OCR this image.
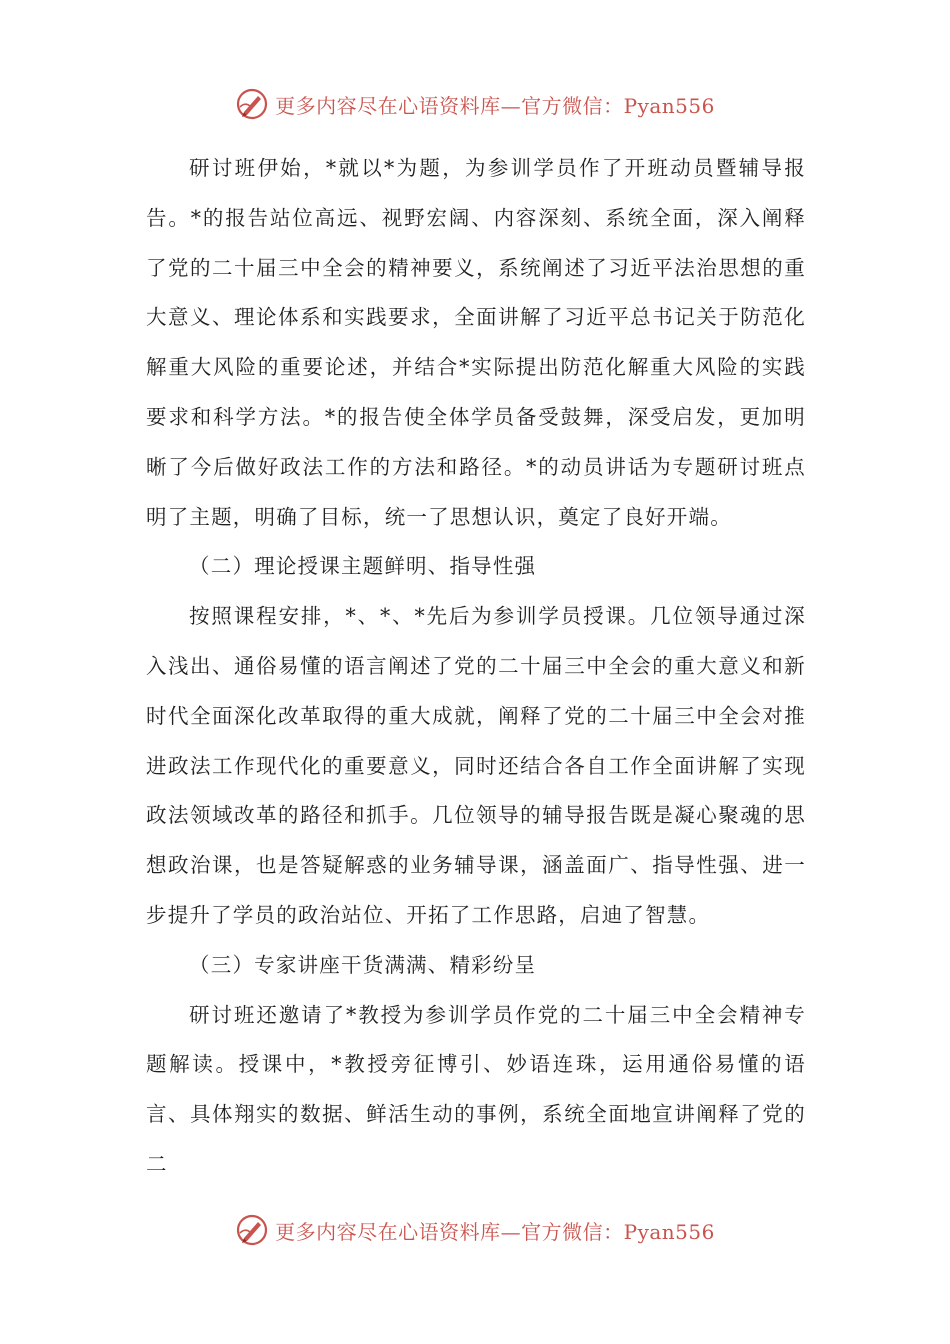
更多内容尽在心语资料库—官方微信：Pyan556

研讨班伊始，*就以*为题，为参训学员作了开班动员暨辅导报告。*的报告站位高远、视野宏阔、内容深刻、系统全面，深入阐释了党的二十届三中全会的精神要义，系统阐述了习近平法治思想的重大意义、理论体系和实践要求，全面讲解了习近平总书记关于防范化解重大风险的重要论述，并结合*实际提出防范化解重大风险的实践要求和科学方法。*的报告使全体学员备受鼓舞，深受启发，更加明晰了今后做好政法工作的方法和路径。*的动员讲话为专题研讨班点明了主题，明确了目标，统一了思想认识，奠定了良好开端。

（二）理论授课主题鲜明、指导性强

按照课程安排，*、*、*先后为参训学员授课。几位领导通过深入浅出、通俗易懂的语言阐述了党的二十届三中全会的重大意义和新时代全面深化改革取得的重大成就，阐释了党的二十届三中全会对推进政法工作现代化的重要意义，同时还结合各自工作全面讲解了实现政法领域改革的路径和抓手。几位领导的辅导报告既是凝心聚魂的思想政治课，也是答疑解惑的业务辅导课，涵盖面广、指导性强、进一步提升了学员的政治站位、开拓了工作思路，启迪了智慧。

（三）专家讲座干货满满、精彩纷呈

研讨班还邀请了*教授为参训学员作党的二十届三中全会精神专题解读。授课中，*教授旁征博引、妙语连珠，运用通俗易懂的语言、具体翔实的数据、鲜活生动的事例，系统全面地宣讲阐释了党的二

更多内容尽在心语资料库—官方微信：Pyan556
